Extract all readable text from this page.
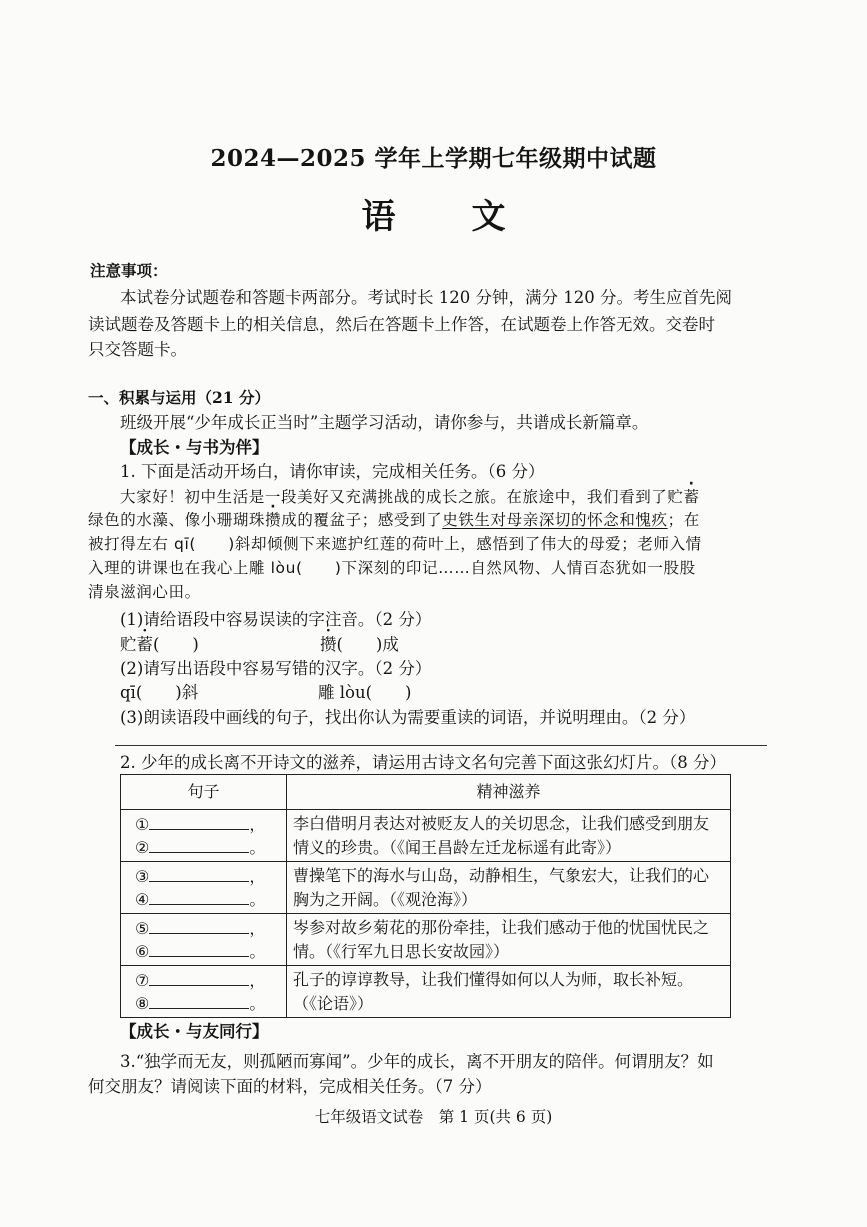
2024—2025 学年上学期七年级期中试题
语 文
注意事项：
本试卷分试题卷和答题卡两部分。考试时长 120 分钟，满分 120 分。考生应首先阅
读试题卷及答题卡上的相关信息，然后在答题卡上作答，在试题卷上作答无效。交卷时
只交答题卡。
一、积累与运用（21 分）
班级开展“少年成长正当时”主题学习活动，请你参与，共谱成长新篇章。
【成长・与书为伴】
1. 下面是活动开场白，请你审读，完成相关任务。（6 分）
大家好！初中生活是一段美好又充满挑战的成长之旅。在旅途中，我们看到了贮蓄
绿色的水藻、像小珊瑚珠攒成的覆盆子；感受到了史铁生对母亲深切的怀念和愧疚；在
被打得左右 qī(　　)斜却倾侧下来遮护红莲的荷叶上，感悟到了伟大的母爱；老师入情
入理的讲课也在我心上雕 lòu(　　)下深刻的印记……自然风物、人情百态犹如一股股
清泉滋润心田。
(1)请给语段中容易误读的字注音。（2 分）
贮蓄(　　)	攒(　　)成
(2)请写出语段中容易写错的汉字。（2 分）
qī(　　)斜	雕 lòu(　　)
(3)朗读语段中画线的句子，找出你认为需要重读的词语，并说明理由。（2 分）
2. 少年的成长离不开诗文的滋养，请运用古诗文名句完善下面这张幻灯片。（8 分）
句子	精神滋养

① ，
② 。	李白借明月表达对被贬友人的关切思念，让我们感受到朋友情义的珍贵。（《闻王昌龄左迁龙标遥有此寄》）

③ ，
④ 。	曹操笔下的海水与山岛，动静相生，气象宏大，让我们的心胸为之开阔。（《观沧海》）

⑤ ，
⑥ 。	岑参对故乡菊花的那份牵挂，让我们感动于他的忧国忧民之情。（《行军九日思长安故园》）

⑦ ，
⑧ 。	孔子的谆谆教导，让我们懂得如何以人为师，取长补短。（《论语》）
【成长・与友同行】
3.“独学而无友，则孤陋而寡闻”。少年的成长，离不开朋友的陪伴。何谓朋友？如
何交朋友？请阅读下面的材料，完成相关任务。（7 分）
七年级语文试卷　第 1 页(共 6 页)
